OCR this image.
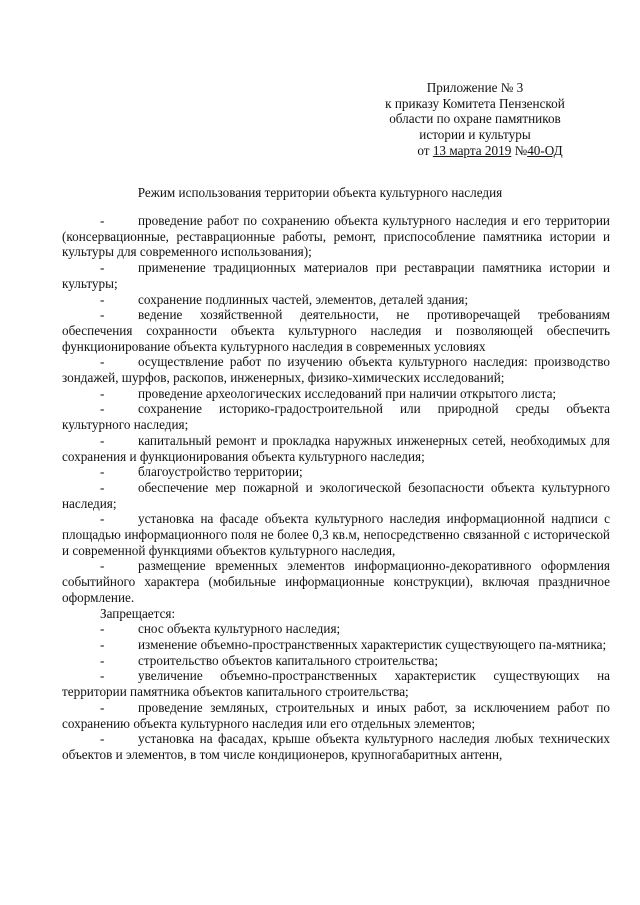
Приложение № 3
к приказу Комитета Пензенской
области по охране памятников
истории и культуры
от 13 марта 2019 №40-ОД
Режим использования территории объекта культурного наследия
-	проведение работ по сохранению объекта культурного наследия и его территории (консервационные, реставрационные работы, ремонт, приспособление памятника истории и культуры для современного использования);
-	применение традиционных материалов при реставрации памятника истории и культуры;
-	сохранение подлинных частей, элементов, деталей здания;
-	ведение хозяйственной деятельности, не противоречащей требованиям обеспечения сохранности объекта культурного наследия и позволяющей обеспечить функционирование объекта культурного наследия в современных условиях
-	осуществление работ по изучению объекта культурного наследия: производство зондажей, шурфов, раскопов, инженерных, физико-химических исследований;
-	проведение археологических исследований при наличии открытого листа;
-	сохранение историко-градостроительной или природной среды объекта культурного наследия;
-	капитальный ремонт и прокладка наружных инженерных сетей, необходимых для сохранения и функционирования объекта культурного наследия;
-	благоустройство территории;
-	обеспечение мер пожарной и экологической безопасности объекта культурного наследия;
-	установка на фасаде объекта культурного наследия информационной надписи с площадью информационного поля не более 0,3 кв.м, непосредственно связанной с исторической и современной функциями объектов культурного наследия,
-	размещение временных элементов информационно-декоративного оформления событийного характера (мобильные информационные конструкции), включая праздничное оформление.
Запрещается:
-	снос объекта культурного наследия;
-	изменение объемно-пространственных характеристик существующего па-мятника;
-	строительство объектов капитального строительства;
-	увеличение объемно-пространственных характеристик существующих на территории памятника объектов капитального строительства;
-	проведение земляных, строительных и иных работ, за исключением работ по сохранению объекта культурного наследия или его отдельных элементов;
-	установка на фасадах, крыше объекта культурного наследия любых технических объектов и элементов, в том числе кондиционеров, крупногабаритных антенн,
